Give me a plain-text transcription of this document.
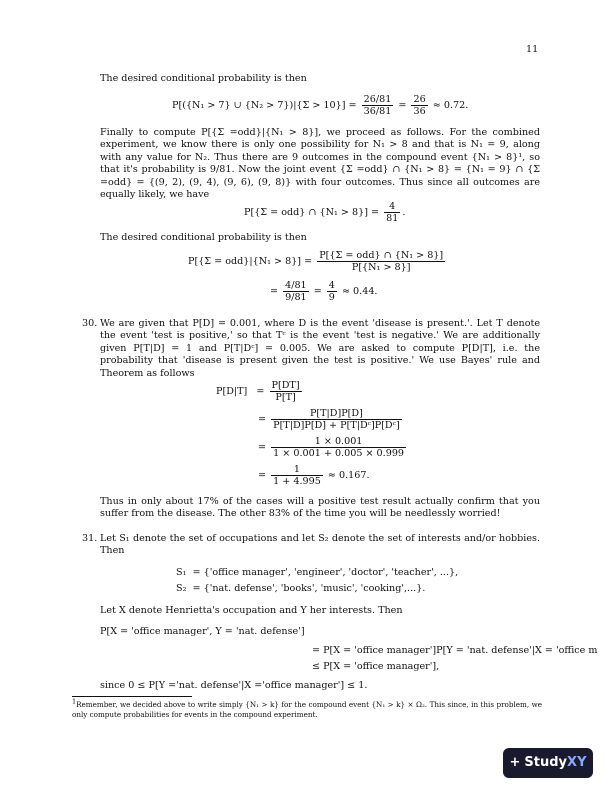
11
The desired conditional probability is then
P[({N₁ > 7} ∪ $\{N_2 > 7\})|\{\Sigma > 10\}] = \frac{26/81}{36/81} = \frac{26}{36} \approx 0.72$.
Finally to compute P[{Σ =odd}|{N₁ > 8}], we proceed as follows. For the combined experiment, we know there is only one possibility for N₁ > 8 and that is N₁ = 9, along with any value for N₂. Thus there are 9 outcomes in the compound event {N₁ > 8}¹, so that it's probability is 9/81. Now the joint event {Σ =odd} ∩ {N₁ > 8} = {N₁ = 9} ∩ {Σ =odd} = {(9, 2), (9, 4), (9, 6), (9, 8)} with four outcomes. Thus since all outcomes are equally likely, we have
P[{Σ = odd} ∩ $\{N_1 > 8\}] = \frac{4}{81}$ .
The desired conditional probability is then
$P[\{\Sigma = odd\}|\{N_1 > 8\}] = \frac{\text{P[\{Σ = odd\} ∩ \{N₁ > 8\}]}}{\text{P[\{N₁ > 8\}]}}$
= $\frac{4/81}{9/81} = \frac{4}{9} \approx 0.44$.
30. We are given that P[D] = 0.001, where D is the event 'disease is present.'. Let T denote the event 'test is positive,' so that Tᶜ is the event 'test is negative.' We are additionally given P[T|D] = 1 and P[T|Dᶜ] = 0.005. We are asked to compute P[D|T], i.e. the probability that 'disease is present given the test is positive.' We use Bayes' rule and Theorem as follows
$P[D|T] = \frac{P[DT]}{P[T]}$
= $\frac{P[T|D]P[D]}{\text{P[T|D]P[D] + P[T|Dᶜ]P[Dᶜ]}}$
= $\frac{1 \times 0.001}{1 \times 0.001 + 0.005 \times 0.999}$
= $\frac{1}{1 + 4.995} \approx 0.167$.
Thus in only about 17% of the cases will a positive test result actually confirm that you suffer from the disease. The other 83% of the time you will be needlessly worried!
31. Let S₁ denote the set of occupations and let S₂ denote the set of interests and/or hobbies. Then
S₁ = {'office manager', 'engineer', 'doctor', 'teacher', ...},
S₂ = {'nat. defense', 'books', 'music', 'cooking',...}.
Let X denote Henrietta's occupation and Y her interests. Then
P[X = 'office manager', Y = 'nat. defense']
= P[X = 'office manager']P[Y = 'nat. defense'|X = 'office m
≤ P[X = 'office manager'],
since 0 ≤ P[Y ='nat. defense'|X ='office manager'] ≤ 1.
$^1$Remember, we decided above to write simply {N₁ > k} for the compound event {N₁ > k} × Ω₂. This since, in this problem, we only compute probabilities for events in the compound experiment.
+ StudyXY
